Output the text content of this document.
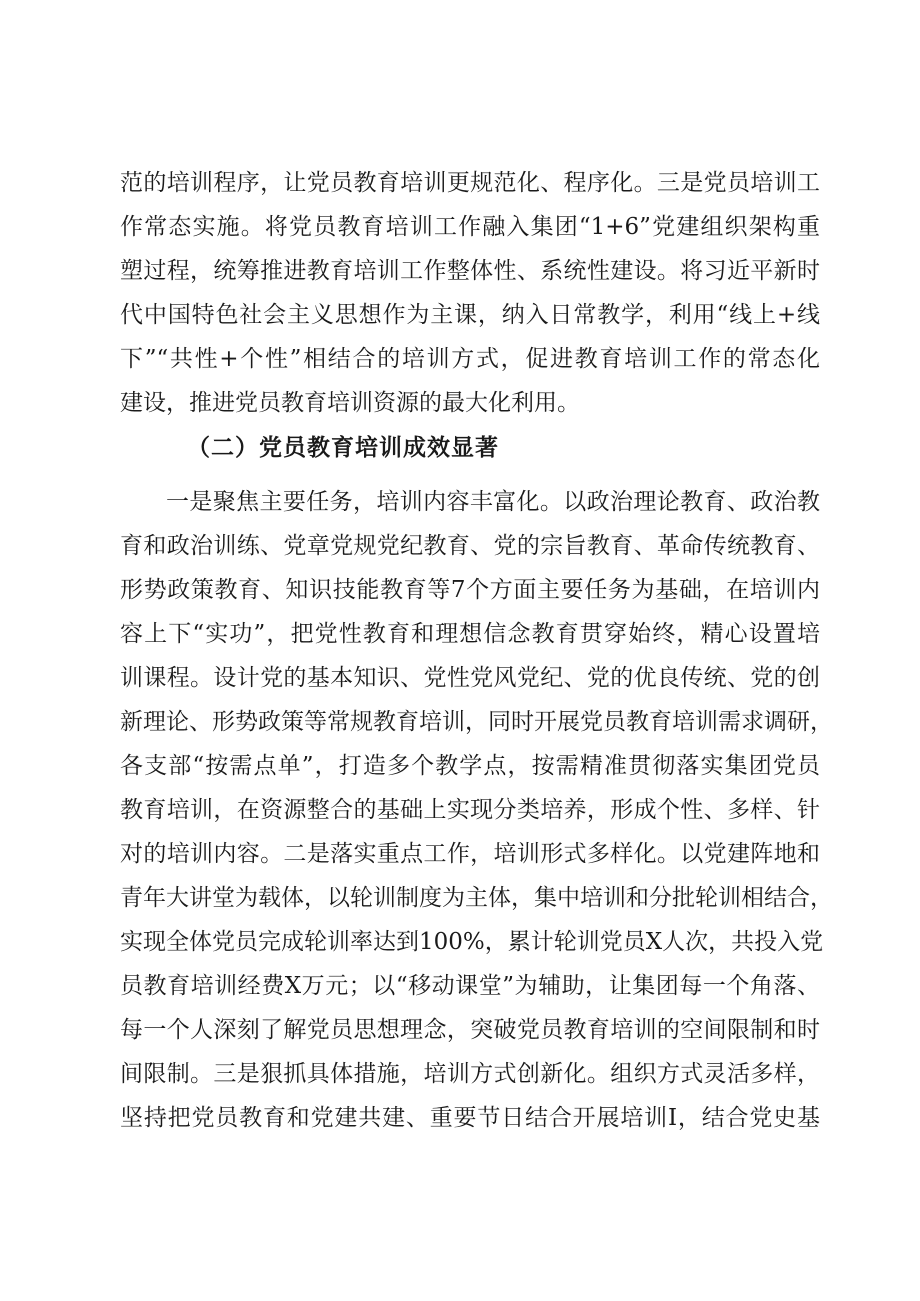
范的培训程序，让党员教育培训更规范化、程序化。三是党员培训工
作常态实施。将党员教育培训工作融入集团“1+6”党建组织架构重
塑过程，统筹推进教育培训工作整体性、系统性建设。将习近平新时
代中国特色社会主义思想作为主课，纳入日常教学，利用“线上+线
下”“共性+个性”相结合的培训方式，促进教育培训工作的常态化
建设，推进党员教育培训资源的最大化利用。
（二）党员教育培训成效显著
一是聚焦主要任务，培训内容丰富化。以政治理论教育、政治教
育和政治训练、党章党规党纪教育、党的宗旨教育、革命传统教育、
形势政策教育、知识技能教育等7个方面主要任务为基础，在培训内
容上下“实功”，把党性教育和理想信念教育贯穿始终，精心设置培
训课程。设计党的基本知识、党性党风党纪、党的优良传统、党的创
新理论、形势政策等常规教育培训，同时开展党员教育培训需求调研，
各支部“按需点单”，打造多个教学点，按需精准贯彻落实集团党员
教育培训，在资源整合的基础上实现分类培养，形成个性、多样、针
对的培训内容。二是落实重点工作，培训形式多样化。以党建阵地和
青年大讲堂为载体，以轮训制度为主体，集中培训和分批轮训相结合，
实现全体党员完成轮训率达到100%，累计轮训党员X人次，共投入党
员教育培训经费X万元；以“移动课堂”为辅助，让集团每一个角落、
每一个人深刻了解党员思想理念，突破党员教育培训的空间限制和时
间限制。三是狠抓具体措施，培训方式创新化。组织方式灵活多样，
坚持把党员教育和党建共建、重要节日结合开展培训I，结合党史基
